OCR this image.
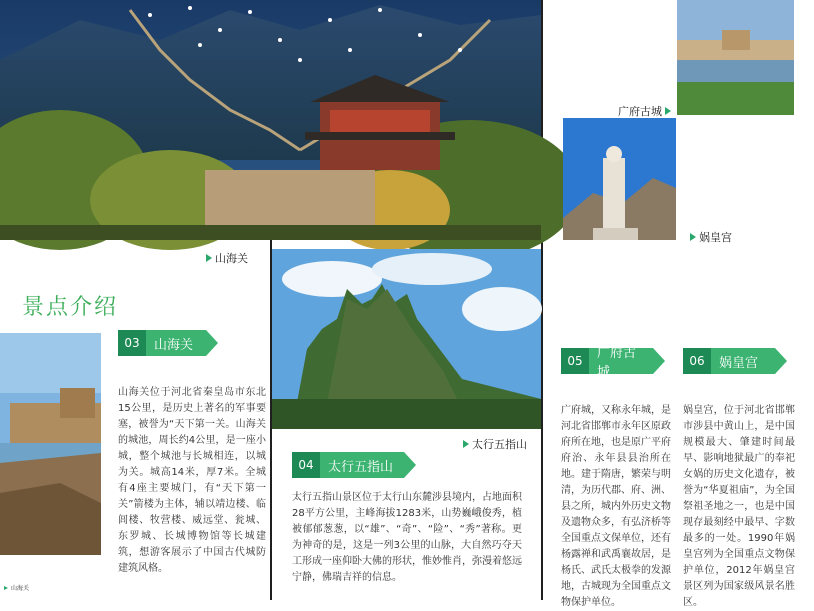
山海关
景点介绍
山海关
03	山海关
山海关位于河北省秦皇岛市东北15公里，是历史上著名的军事要塞，被誉为“天下第一关。山海关的城池，周长约4公里，是一座小城，整个城池与长城相连，以城为关。城高14米，厚7米。全城有4座主要城门，有“天下第一关”箭楼为主体，辅以靖边楼、临闾楼、牧营楼、威远堂、瓮城、东罗城、长城博物馆等长城建筑，想游客展示了中国古代城防建筑风格。
太行五指山
04	太行五指山
太行五指山景区位于太行山东麓涉县境内，占地面积28平方公里，主峰海拔1283米，山势巍峨俊秀，植被郁郁葱葱，以“雄”、“奇”、“险”、“秀”著称。更为神奇的是，这是一列3公里的山脉，大自然巧夺天工形成一座仰卧大佛的形状，惟妙惟肖，弥漫着悠远宁静，佛瑞吉祥的信息。
广府古城
娲皇宫
05	广府古城
06	娲皇宫
广府城，又称永年城，是河北省邯郸市永年区原政府所在地，也是原广平府府治、永年县县治所在地。建于隋唐，繁荣与明清，为历代郡、府、洲、县之所，城内外历史文物及遗物众多，有弘济桥等全国重点文保单位，还有杨露禅和武禹襄故居，是杨氏、武氏太极拳的发源地，古城现为全国重点文物保护单位。
娲皇宫，位于河北省邯郸市涉县中黄山上，是中国规模最大、肇建时间最早、影响地狱最广的奉祀女娲的历史文化遗存，被誉为“华夏祖庙”，为全国祭祖圣地之一，也是中国现存最刻经中最早、字数最多的一处。1990年娲皇宫列为全国重点文物保护单位，2012年娲皇宫景区列为国家级风景名胜区。
